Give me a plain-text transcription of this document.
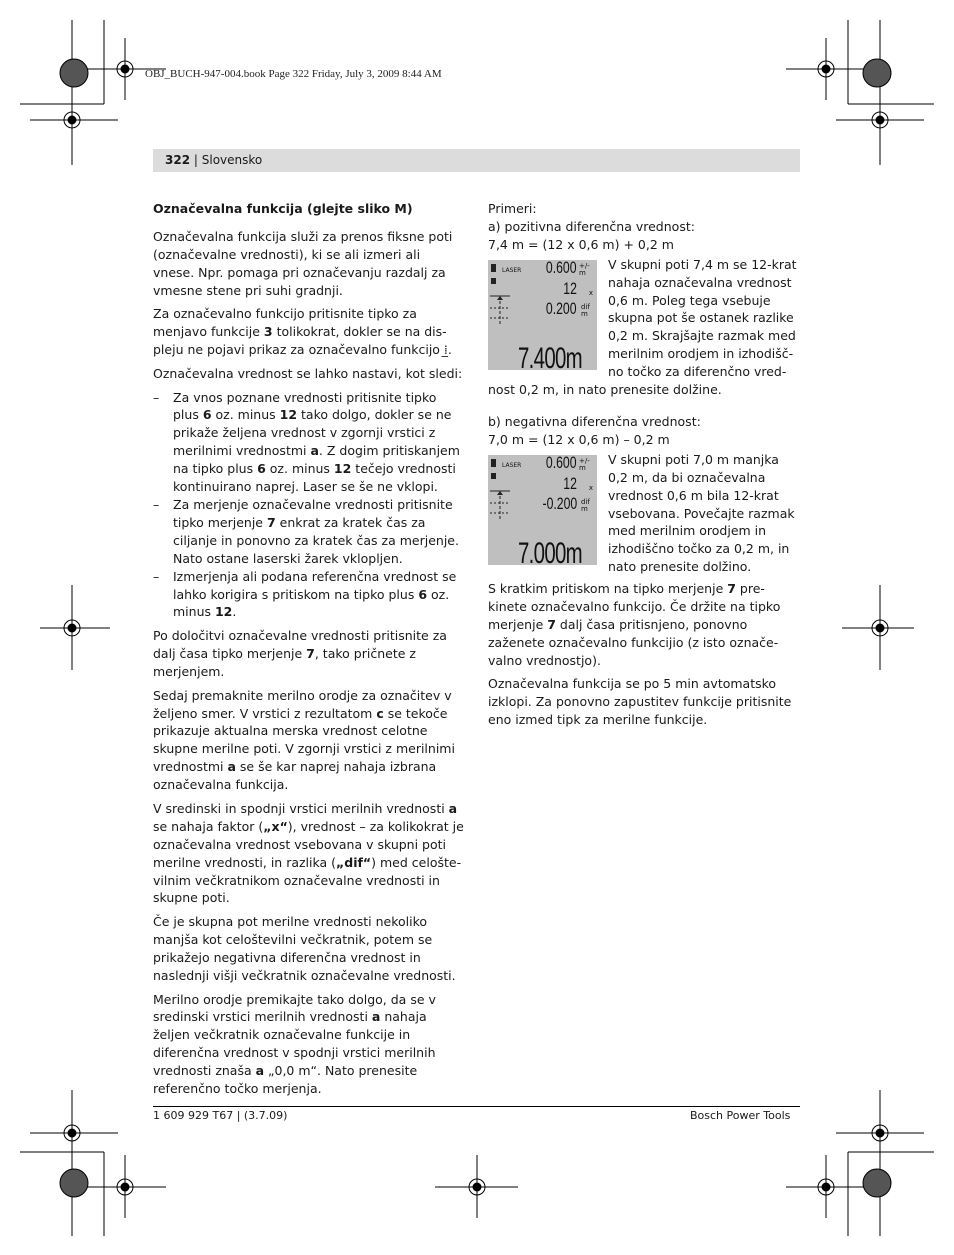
OBJ_BUCH-947-004.book Page 322 Friday, July 3, 2009 8:44 AM
322 | Slovensko
Označevalna funkcija (glejte sliko M)

Označevalna funkcija služi za prenos fiksne poti (označevalne vrednosti), ki se ali izmeri ali vnese. Npr. pomaga pri označevanju razdalj za vmesne stene pri suhi gradnji.

Za označevalno funkcijo pritisnite tipko za menjavo funkcije 3 tolikokrat, dokler se na dis-pleju ne pojavi prikaz za označevalno funkcijo ⁞̲.

Označevalna vrednost se lahko nastavi, kot sledi:

– Za vnos poznane vrednosti pritisnite tipko plus 6 oz. minus 12 tako dolgo, dokler se ne prikaže željena vrednost v zgornji vrstici z merilnimi vrednostmi a. Z dogim pritiskanjem na tipko plus 6 oz. minus 12 tečejo vrednosti kontinuirano naprej. Laser se še ne vklopi.
– Za merjenje označevalne vrednosti pritisnite tipko merjenje 7 enkrat za kratek čas za ciljanje in ponovno za kratek čas za merjenje. Nato ostane laserski žarek vklopljen.
– Izmerjenja ali podana referenčna vrednost se lahko korigira s pritiskom na tipko plus 6 oz. minus 12.

Po določitvi označevalne vrednosti pritisnite za dalj časa tipko merjenje 7, tako pričnete z merjenjem.

Sedaj premaknite merilno orodje za označitev v željeno smer. V vrstici z rezultatom c se tekoče prikazuje aktualna merska vrednost celotne skupne merilne poti. V zgornji vrstici z merilnimi vrednostmi a se še kar naprej nahaja izbrana označevalna funkcija.

V sredinski in spodnji vrstici merilnih vrednosti a se nahaja faktor („x“), vrednost – za kolikokrat je označevalna vrednost vsebovana v skupni poti merilne vrednosti, in razlika („dif“) med celošte-vilnim večkratnikom označevalne vrednosti in skupne poti.

Če je skupna pot merilne vrednosti nekoliko manjša kot celoštevilni večkratnik, potem se prikažejo negativna diferenčna vrednost in naslednji višji večkratnik označevalne vrednosti.

Merilno orodje premikajte tako dolgo, da se v sredinski vrstici merilnih vrednosti a nahaja željen večkratnik označevalne funkcije in diferenčna vrednost v spodnji vrstici merilnih vrednosti znaša a „0,0 m“. Nato prenesite referenčno točko merjenja.

Primeri:

a) pozitivna diferenčna vrednost:

7,4 m = (12 x 0,6 m) + 0,2 m

LASER 0.600 +/- m
12 x
0.200 dif m
7.400m

V skupni poti 7,4 m se 12-krat nahaja označevalna vrednost 0,6 m. Poleg tega vsebuje skupna pot še ostanek razlike 0,2 m. Skrajšajte razmak med merilnim orodjem in izhodišč-no točko za diferenčno vred-nost 0,2 m, in nato prenesite dolžine.

b) negativna diferenčna vrednost:

7,0 m = (12 x 0,6 m) – 0,2 m

LASER 0.600 +/- m
12 x
-0.200 dif m
7.000m

V skupni poti 7,0 m manjka 0,2 m, da bi označevalna vrednost 0,6 m bila 12-krat vsebovana. Povečajte razmak med merilnim orodjem in izhodiščno točko za 0,2 m, in nato prenesite dolžino.

S kratkim pritiskom na tipko merjenje 7 pre-kinete označevalno funkcijo. Če držite na tipko merjenje 7 dalj časa pritisnjeno, ponovno zaženete označevalno funkcijio (z isto označe-valno vrednostjo).

Označevalna funkcija se po 5 min avtomatsko izklopi. Za ponovno zapustitev funkcije pritisnite eno izmed tipk za merilne funkcije.

1 609 929 T67 | (3.7.09)	Bosch Power Tools
